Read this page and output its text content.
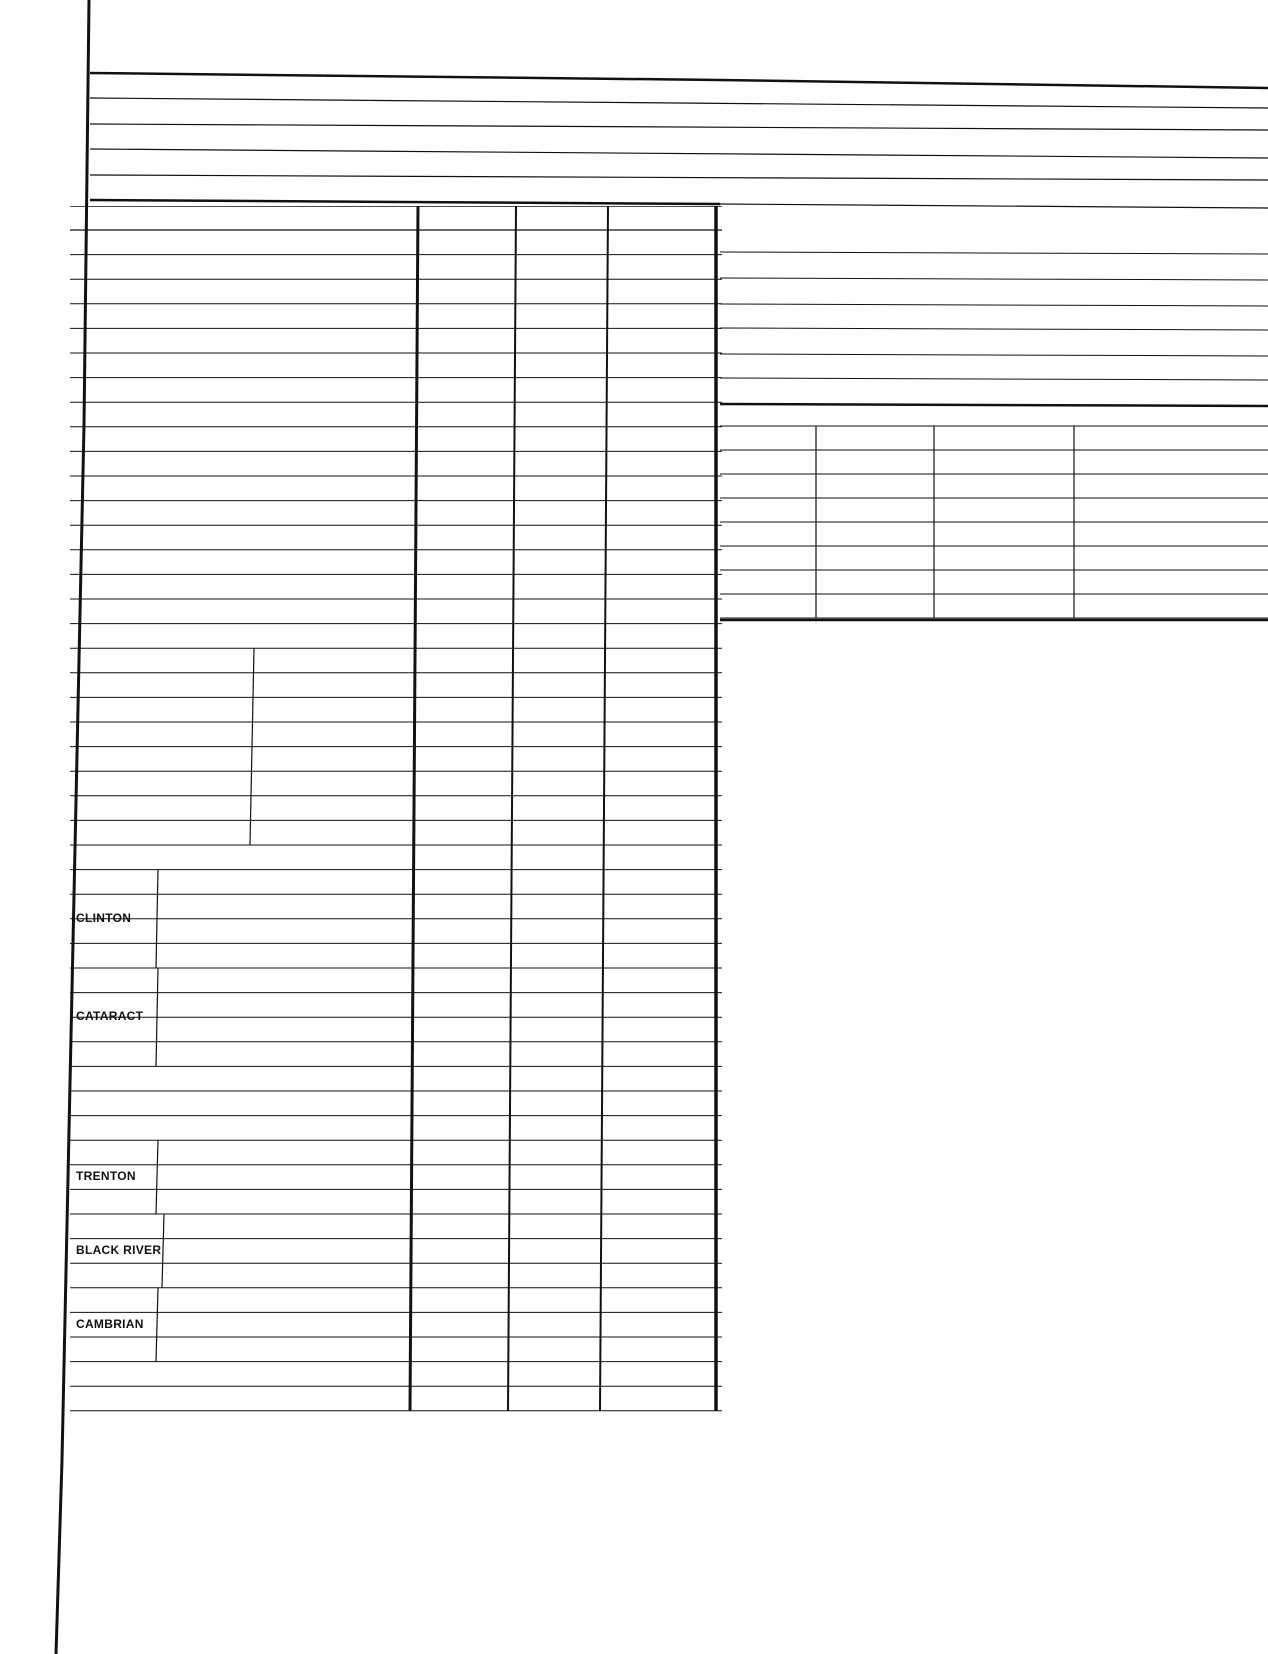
CLINTON
CATARACT
TRENTON
BLACK RIVER
CAMBRIAN
